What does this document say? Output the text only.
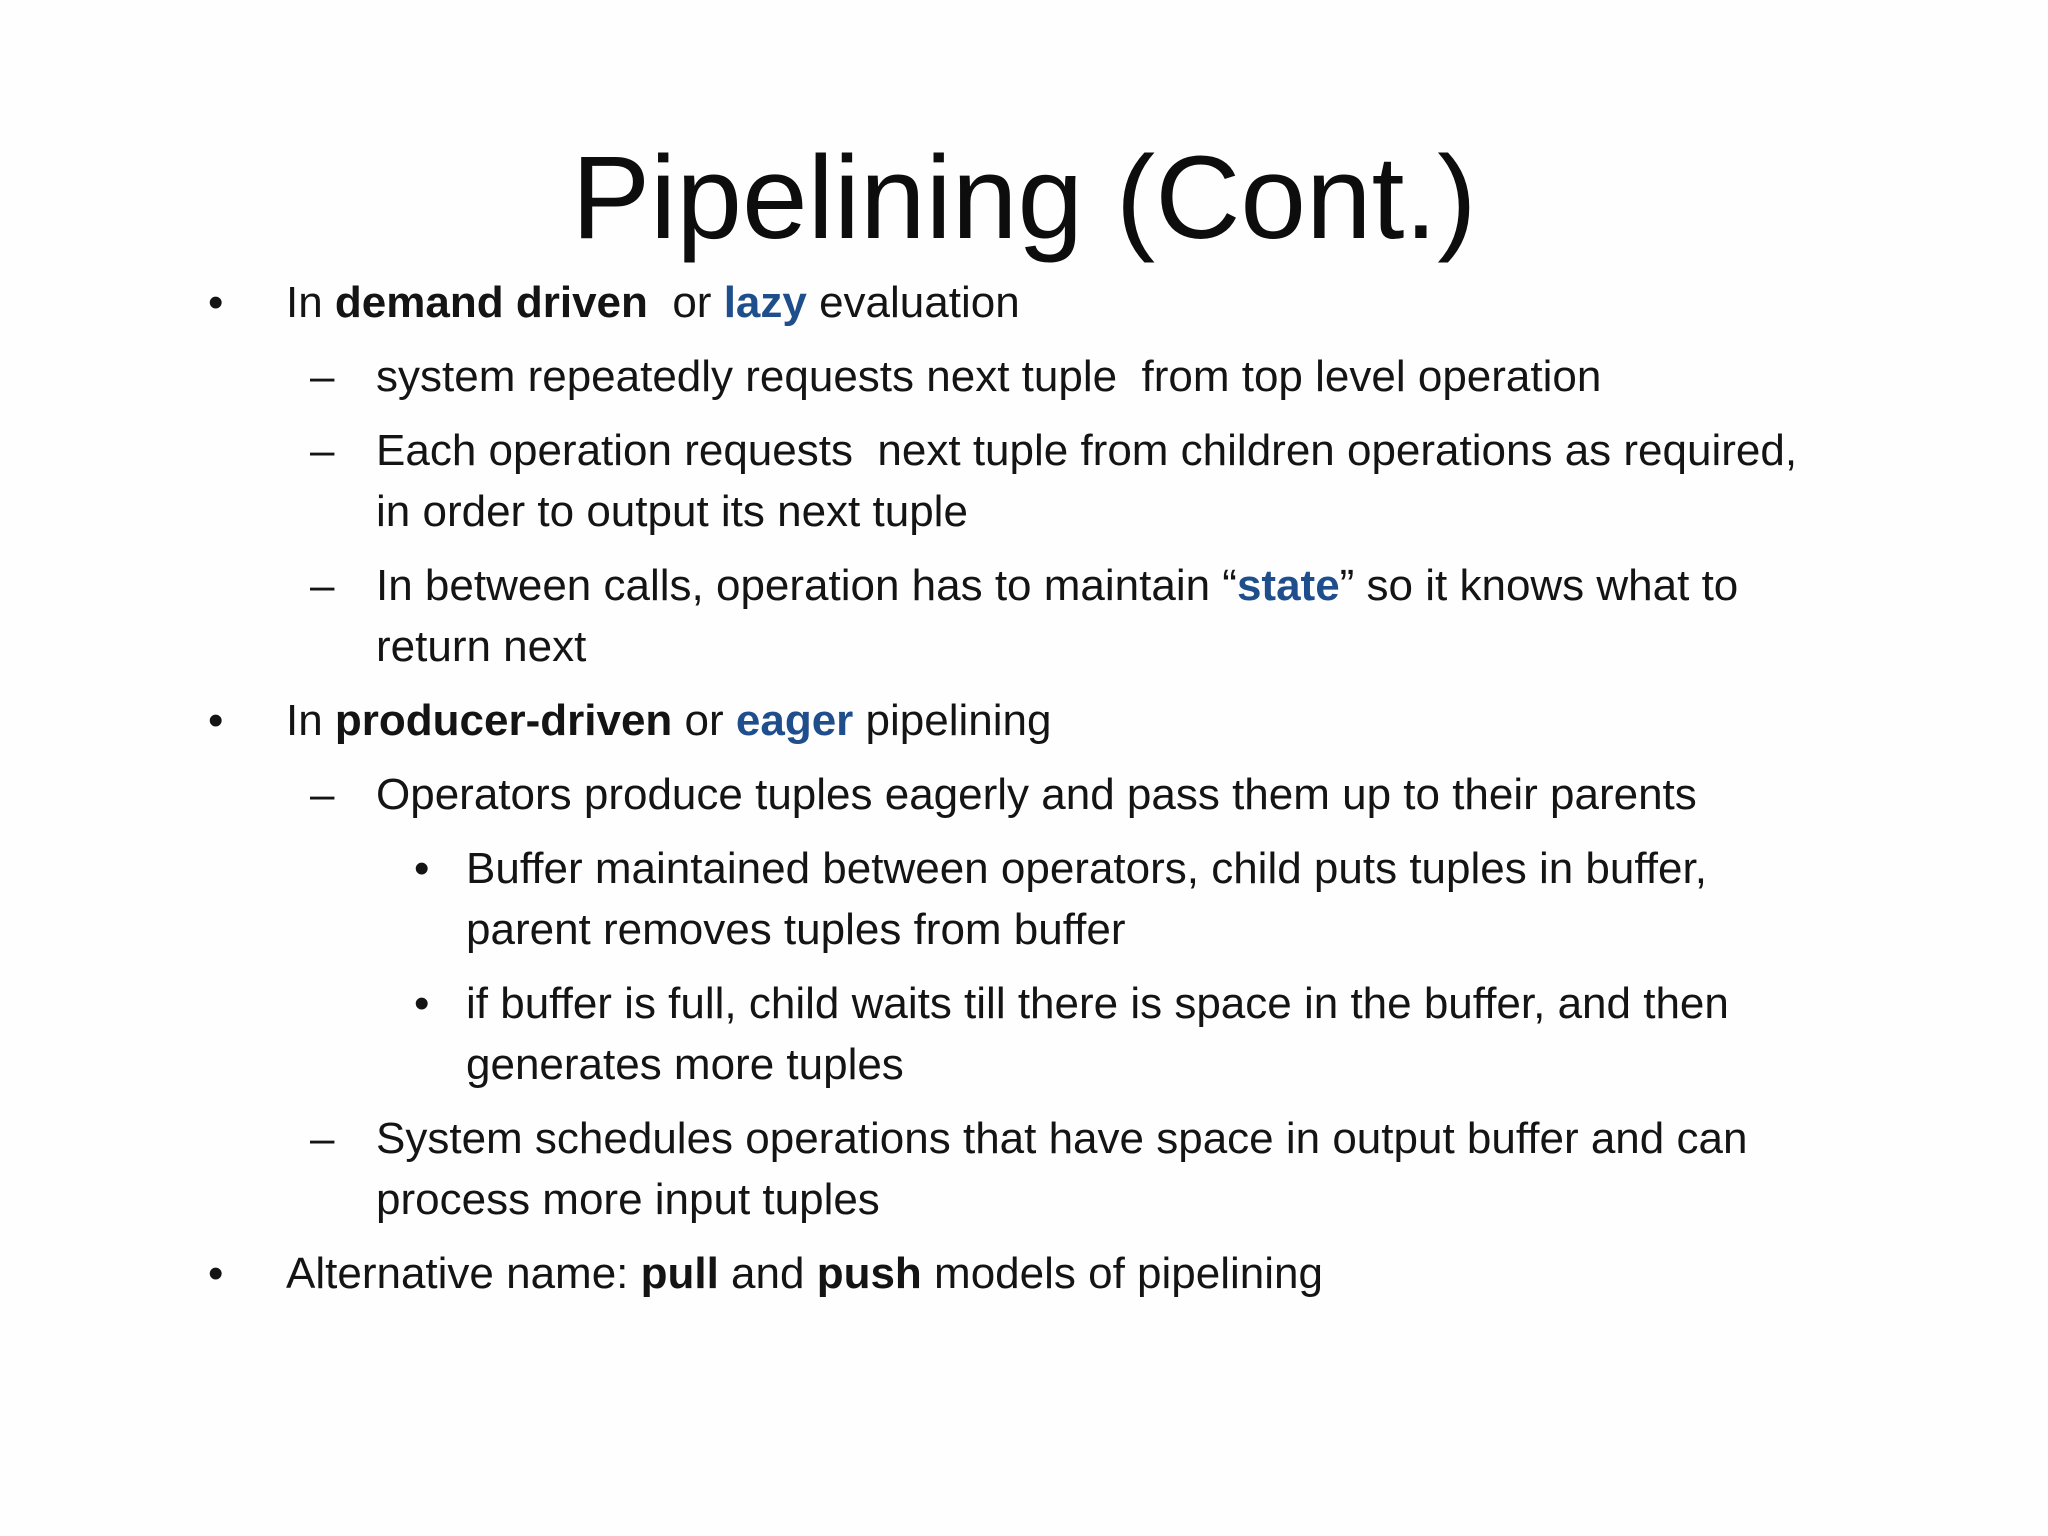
Pipelining (Cont.)
• In demand driven  or lazy evaluation
– system repeatedly requests next tuple  from top level operation
– Each operation requests  next tuple from children operations as required,
in order to output its next tuple
– In between calls, operation has to maintain “state” so it knows what to
return next
• In producer-driven or eager pipelining
– Operators produce tuples eagerly and pass them up to their parents
• Buffer maintained between operators, child puts tuples in buffer,
parent removes tuples from buffer
• if buffer is full, child waits till there is space in the buffer, and then
generates more tuples
– System schedules operations that have space in output buffer and can
process more input tuples
• Alternative name: pull and push models of pipelining
